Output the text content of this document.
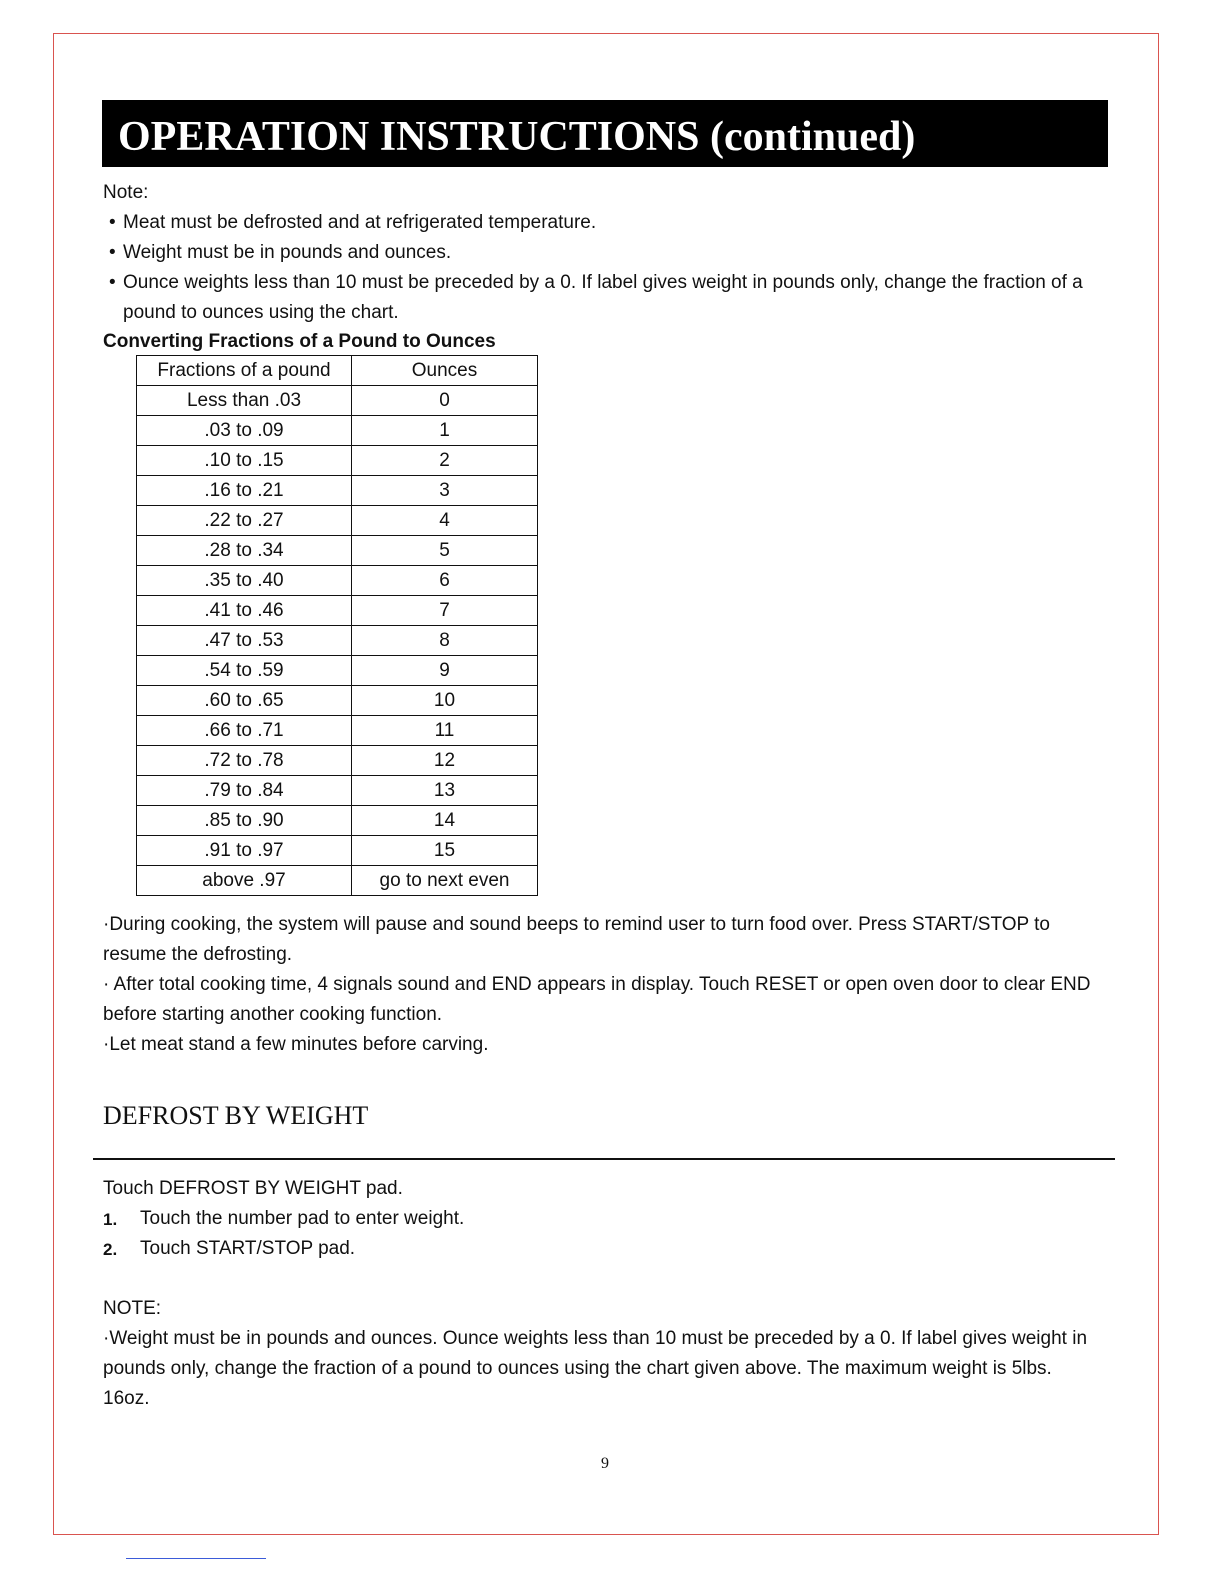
OPERATION INSTRUCTIONS (continued)

Note:

• Meat must be defrosted and at refrigerated temperature.

• Weight must be in pounds and ounces.

• Ounce weights less than 10 must be preceded by a 0. If label gives weight in pounds only, change the fraction of a

pound to ounces using the chart.

Converting Fractions of a Pound to Ounces

Fractions of a pound	Ounces
Less than .03	0
.03 to .09	1
.10 to .15	2
.16 to .21	3
.22 to .27	4
.28 to .34	5
.35 to .40	6
.41 to .46	7
.47 to .53	8
.54 to .59	9
.60 to .65	10
.66 to .71	11
.72 to .78	12
.79 to .84	13
.85 to .90	14
.91 to .97	15
above .97	go to next even

·During cooking, the system will pause and sound beeps to remind user to turn food over. Press START/STOP to

resume the defrosting.

· After total cooking time, 4 signals sound and END appears in display. Touch RESET or open oven door to clear END

before starting another cooking function.

·Let meat stand a few minutes before carving.

DEFROST BY WEIGHT

Touch DEFROST BY WEIGHT pad.

1. Touch the number pad to enter weight.

2. Touch START/STOP pad.

NOTE:

·Weight must be in pounds and ounces. Ounce weights less than 10 must be preceded by a 0. If label gives weight in

pounds only, change the fraction of a pound to ounces using the chart given above. The maximum weight is 5lbs.

16oz.

9
